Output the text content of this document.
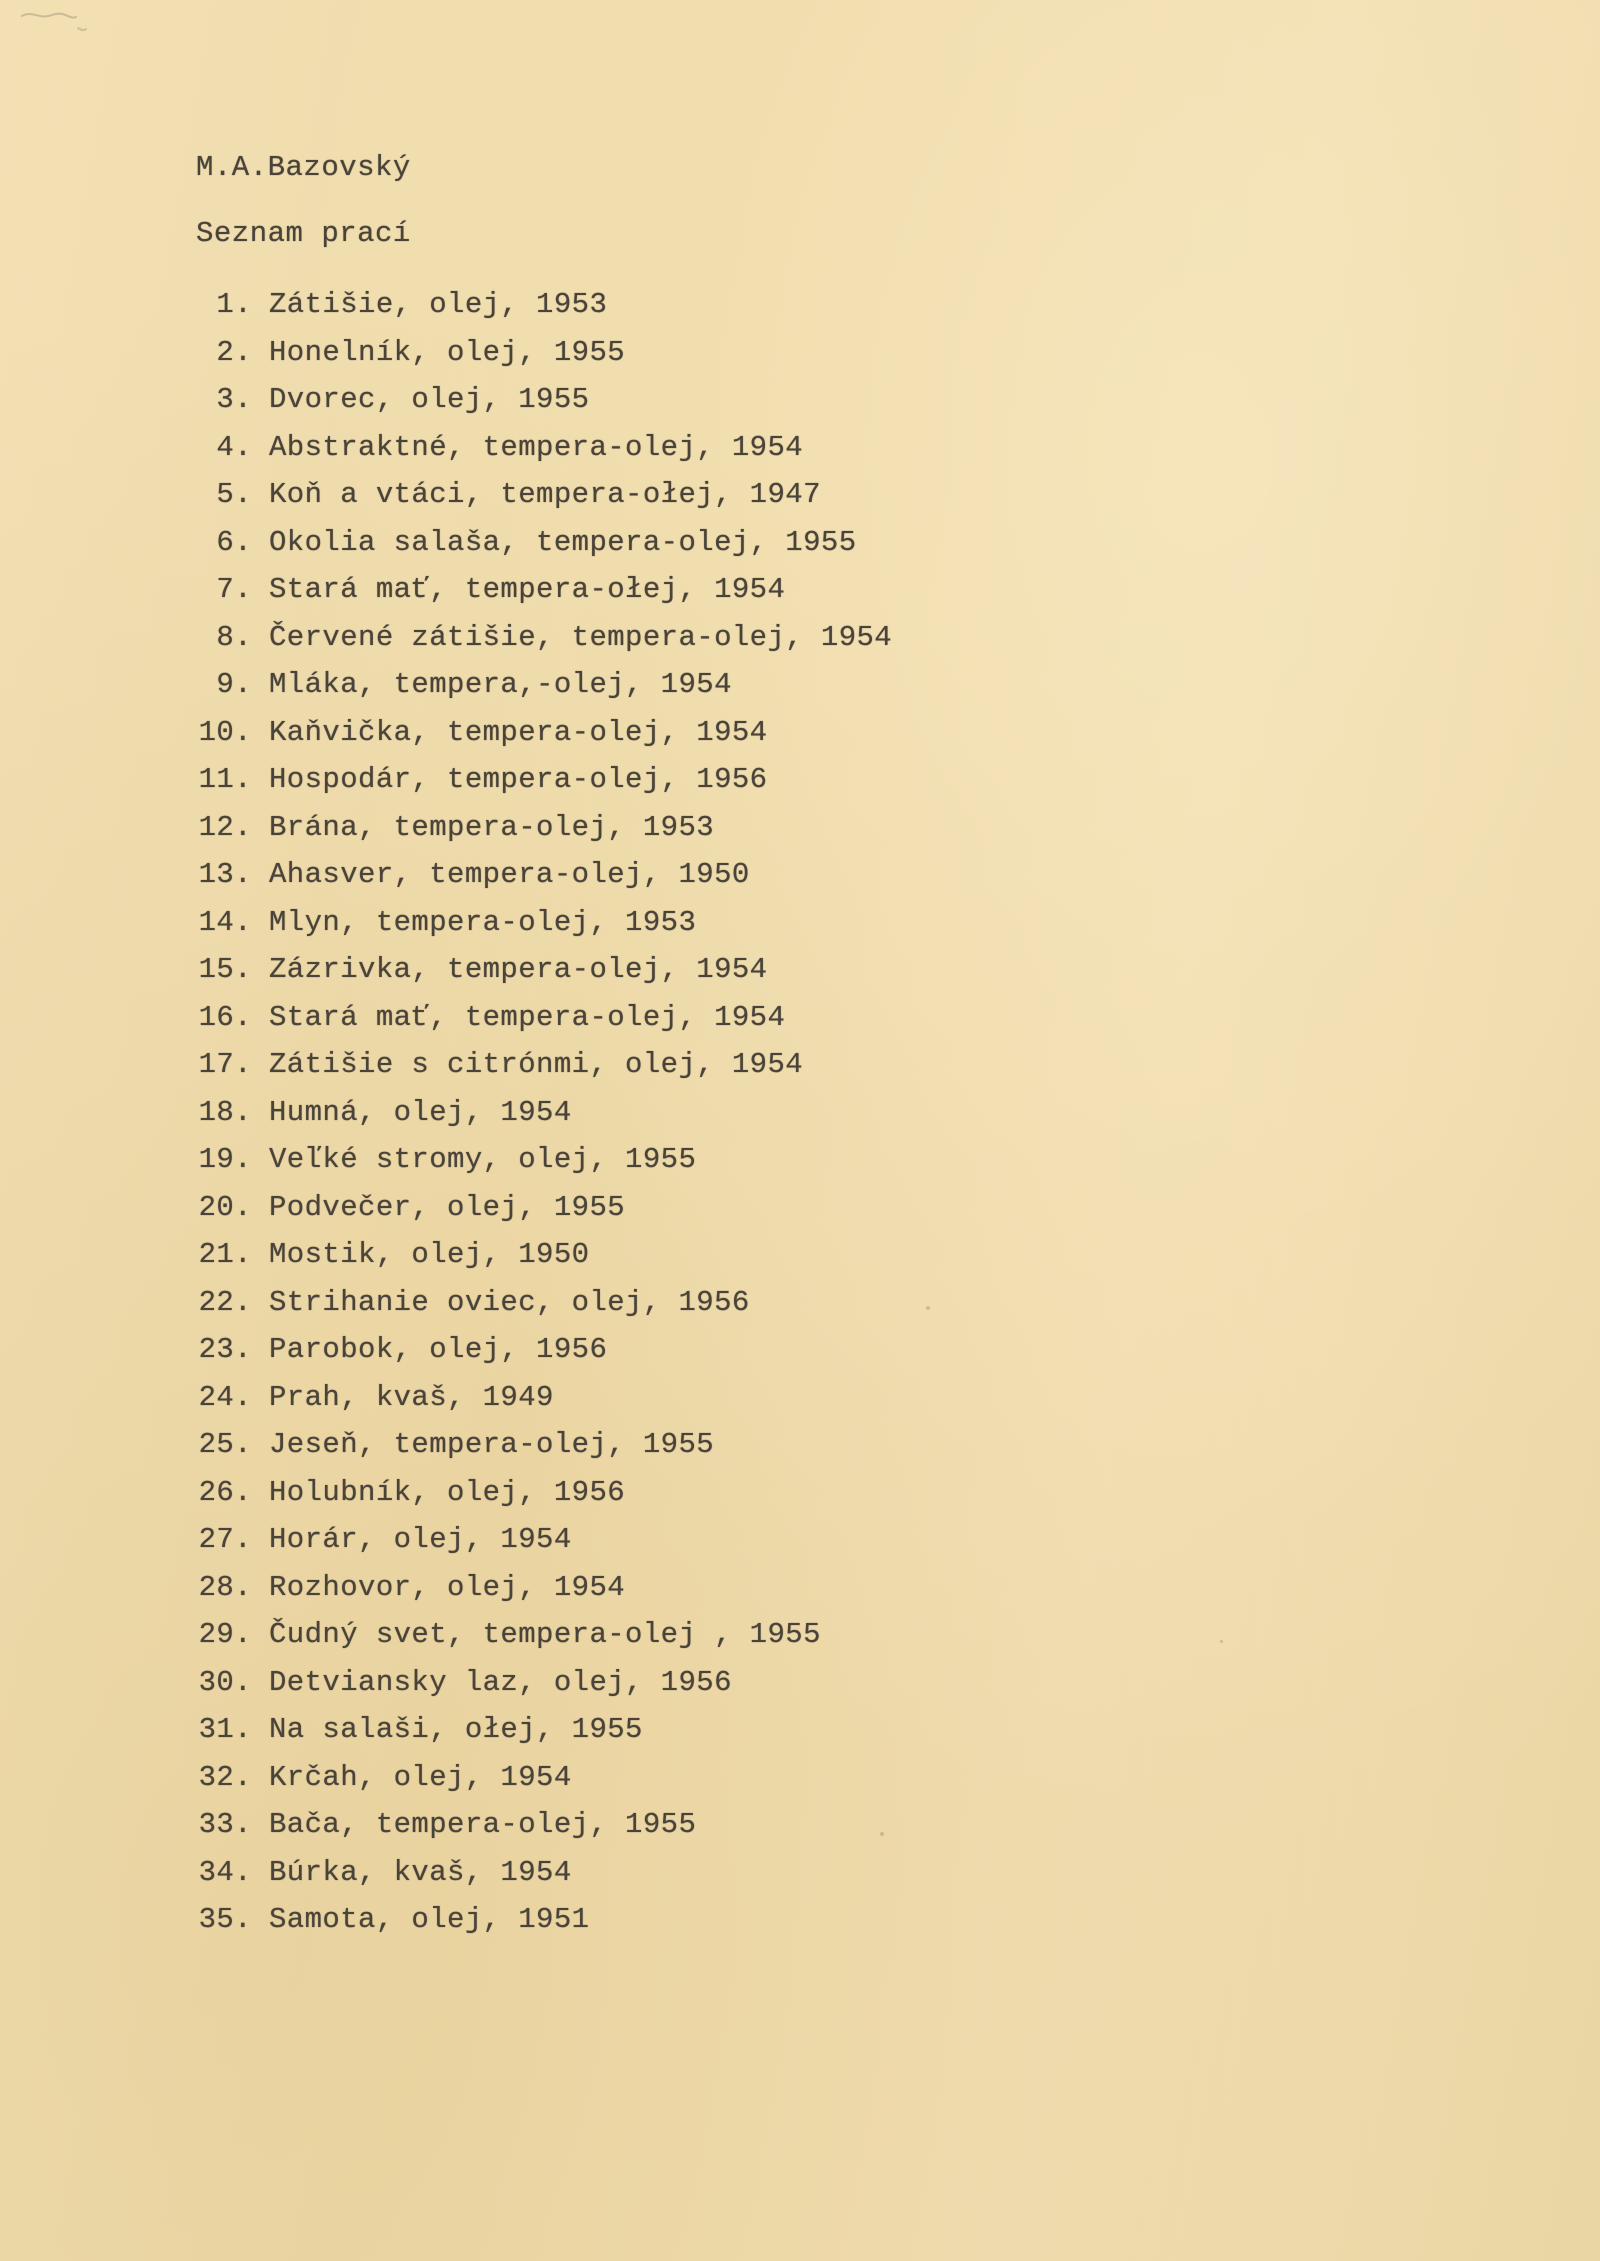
M.A.Bazovský
Seznam prací
1. Zátišie, olej, 1953
2. Honelník, olej, 1955
3. Dvorec, olej, 1955
4. Abstraktné, tempera-olej, 1954
5. Koň a vtáci, tempera-ołej, 1947
6. Okolia salaša, tempera-olej, 1955
7. Stará mať, tempera-ołej, 1954
8. Červené zátišie, tempera-olej, 1954
9. Mláka, tempera,-olej, 1954
10. Kaňvička, tempera-olej, 1954
11. Hospodár, tempera-olej, 1956
12. Brána, tempera-olej, 1953
13. Ahasver, tempera-olej, 1950
14. Mlyn, tempera-olej, 1953
15. Zázrivka, tempera-olej, 1954
16. Stará mať, tempera-olej, 1954
17. Zátišie s citrónmi, olej, 1954
18. Humná, olej, 1954
19. Veľké stromy, olej, 1955
20. Podvečer, olej, 1955
21. Mostik, olej, 1950
22. Strihanie oviec, olej, 1956
23. Parobok, olej, 1956
24. Prah, kvaš, 1949
25. Jeseň, tempera-olej, 1955
26. Holubník, olej, 1956
27. Horár, olej, 1954
28. Rozhovor, olej, 1954
29. Čudný svet, tempera-olej , 1955
30. Detviansky laz, olej, 1956
31. Na salaši, ołej, 1955
32. Krčah, olej, 1954
33. Bača, tempera-olej, 1955
34. Búrka, kvaš, 1954
35. Samota, olej, 1951
